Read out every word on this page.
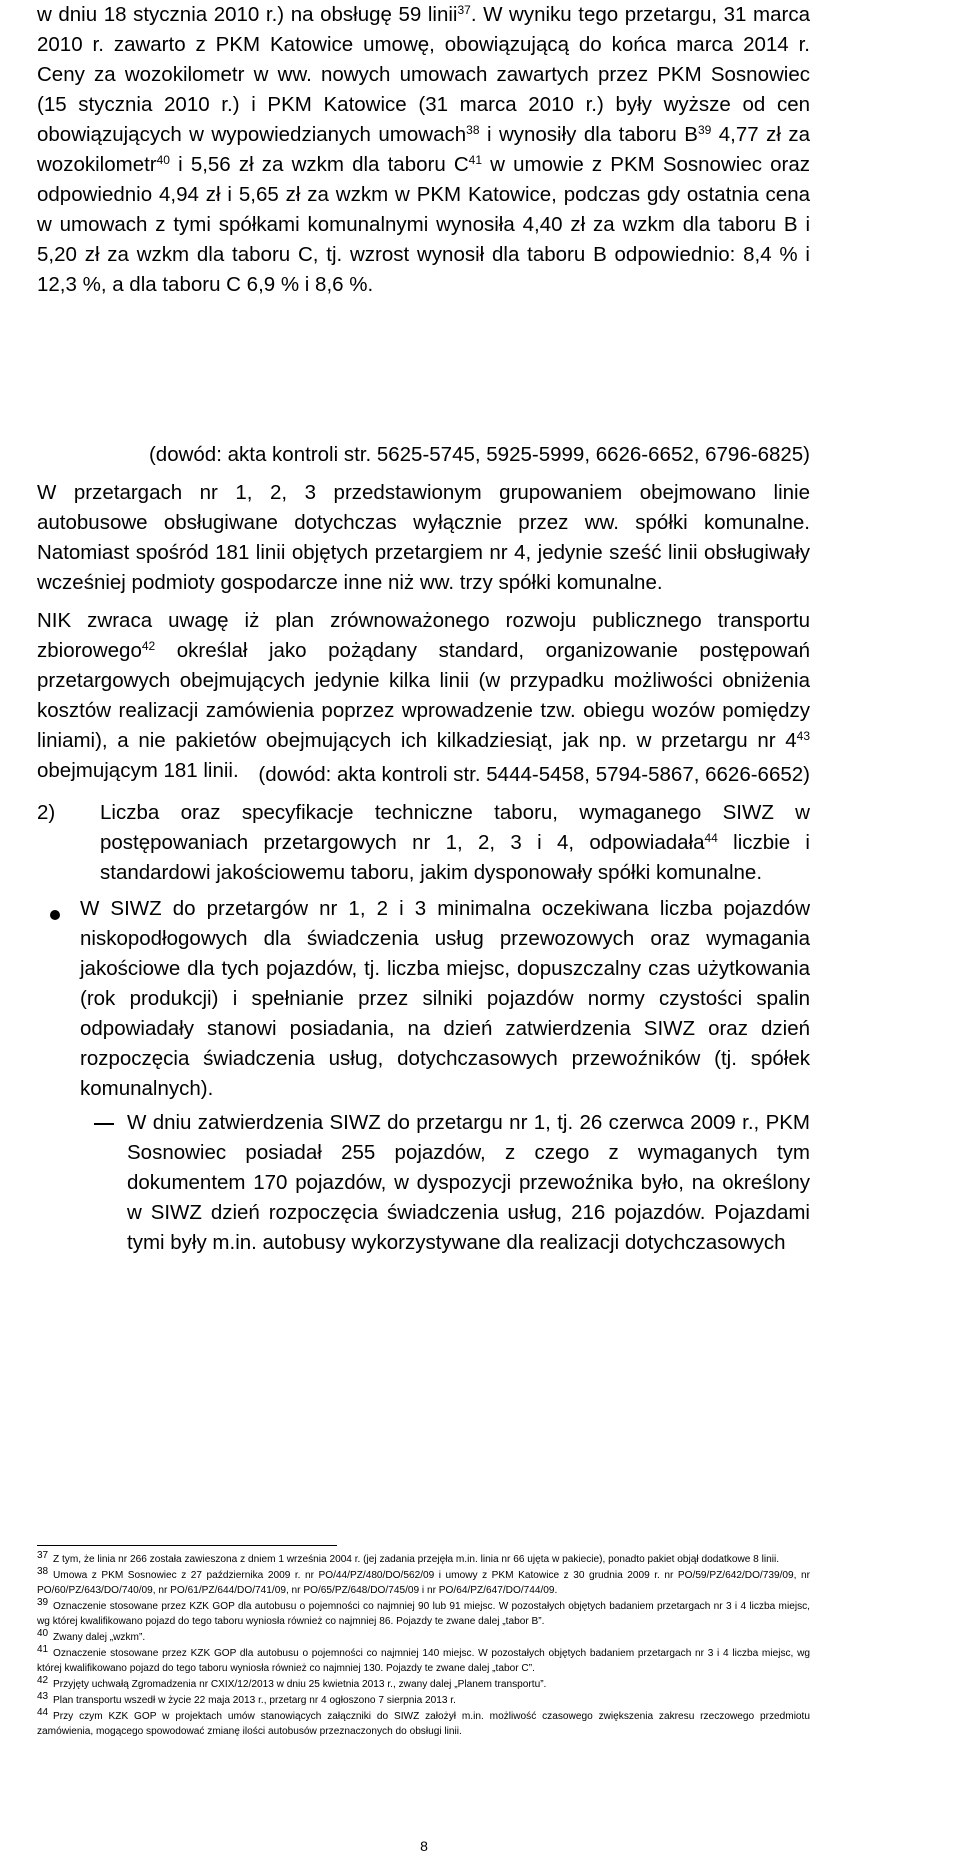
w dniu 18 stycznia 2010 r.) na obsługę 59 linii$^{37}$. W wyniku tego przetargu, 31 marca 2010 r. zawarto z PKM Katowice umowę, obowiązującą do końca marca 2014 r. Ceny za wozokilometr w ww. nowych umowach zawartych przez PKM Sosnowiec (15 stycznia 2010 r.) i PKM Katowice (31 marca 2010 r.) były wyższe od cen obowiązujących w wypowiedzianych umowach$^{38}$ i wynosiły dla taboru $B^{39}$ 4,77 zł za wozokilometr$^{40}$ i 5,56 zł za wzkm dla taboru $C^{41}$ w umowie z PKM Sosnowiec oraz odpowiednio 4,94 zł i 5,65 zł za wzkm w PKM Katowice, podczas gdy ostatnia cena w umowach z tymi spółkami komunalnymi wynosiła 4,40 zł za wzkm dla taboru B i 5,20 zł za wzkm dla taboru C, tj. wzrost wynosił dla taboru B odpowiednio: 8,4 % i 12,3 %, a dla taboru C 6,9 % i 8,6 %.

(dowód: akta kontroli str. 5625-5745, 5925-5999, 6626-6652, 6796-6825)

W przetargach nr 1, 2, 3 przedstawionym grupowaniem obejmowano linie autobusowe obsługiwane dotychczas wyłącznie przez ww. spółki komunalne. Natomiast spośród 181 linii objętych przetargiem nr 4, jedynie sześć linii obsługiwały wcześniej podmioty gospodarcze inne niż ww. trzy spółki komunalne.

NIK zwraca uwagę iż plan zrównoważonego rozwoju publicznego transportu zbiorowego$^{42}$ określał jako pożądany standard, organizowanie postępowań przetargowych obejmujących jedynie kilka linii (w przypadku możliwości obniżenia kosztów realizacji zamówienia poprzez wprowadzenie tzw. obiegu wozów pomiędzy liniami), a nie pakietów obejmujących ich kilkadziesiąt, jak np. w przetargu nr $4^{43}$ obejmującym 181 linii. (dowód: akta kontroli str. 5444-5458, 5794-5867, 6626-6652)

2) Liczba oraz specyfikacje techniczne taboru, wymaganego SIWZ w postępowaniach przetargowych nr 1, 2, 3 i 4, odpowiadała$^{44}$ liczbie i standardowi jakościowemu taboru, jakim dysponowały spółki komunalne.

W SIWZ do przetargów nr 1, 2 i 3 minimalna oczekiwana liczba pojazdów niskopodłogowych dla świadczenia usług przewozowych oraz wymagania jakościowe dla tych pojazdów, tj. liczba miejsc, dopuszczalny czas użytkowania (rok produkcji) i spełnianie przez silniki pojazdów normy czystości spalin odpowiadały stanowi posiadania, na dzień zatwierdzenia SIWZ oraz dzień rozpoczęcia świadczenia usług, dotychczasowych przewoźników (tj. spółek komunalnych).

W dniu zatwierdzenia SIWZ do przetargu nr 1, tj. 26 czerwca 2009 r., PKM Sosnowiec posiadał 255 pojazdów, z czego z wymaganych tym dokumentem 170 pojazdów, w dyspozycji przewoźnika było, na określony w SIWZ dzień rozpoczęcia świadczenia usług, 216 pojazdów. Pojazdami tymi były m.in. autobusy wykorzystywane dla realizacji dotychczasowych

37 Z tym, że linia nr 266 została zawieszona z dniem 1 września 2004 r. (jej zadania przejęła m.in. linia nr 66 ujęta w pakiecie), ponadto pakiet objął dodatkowe 8 linii.

38 Umowa z PKM Sosnowiec z 27 października 2009 r. nr PO/44/PZ/480/DO/562/09 i umowy z PKM Katowice z 30 grudnia 2009 r. nr PO/59/PZ/642/DO/739/09, nr PO/60/PZ/643/DO/740/09, nr PO/61/PZ/644/DO/741/09, nr PO/65/PZ/648/DO/745/09 i nr PO/64/PZ/647/DO/744/09.

39 Oznaczenie stosowane przez KZK GOP dla autobusu o pojemności co najmniej 90 lub 91 miejsc. W pozostałych objętych badaniem przetargach nr 3 i 4 liczba miejsc, wg której kwalifikowano pojazd do tego taboru wyniosła również co najmniej 86. Pojazdy te zwane dalej „tabor B”.

40 Zwany dalej „wzkm”.

41 Oznaczenie stosowane przez KZK GOP dla autobusu o pojemności co najmniej 140 miejsc. W pozostałych objętych badaniem przetargach nr 3 i 4 liczba miejsc, wg której kwalifikowano pojazd do tego taboru wyniosła również co najmniej 130. Pojazdy te zwane dalej „tabor C”.

42 Przyjęty uchwałą Zgromadzenia nr CXIX/12/2013 w dniu 25 kwietnia 2013 r., zwany dalej „Planem transportu”.

43 Plan transportu wszedł w życie 22 maja 2013 r., przetarg nr 4 ogłoszono 7 sierpnia 2013 r.

44 Przy czym KZK GOP w projektach umów stanowiących załączniki do SIWZ założył m.in. możliwość czasowego zwiększenia zakresu rzeczowego przedmiotu zamówienia, mogącego spowodować zmianę ilości autobusów przeznaczonych do obsługi linii.

8
